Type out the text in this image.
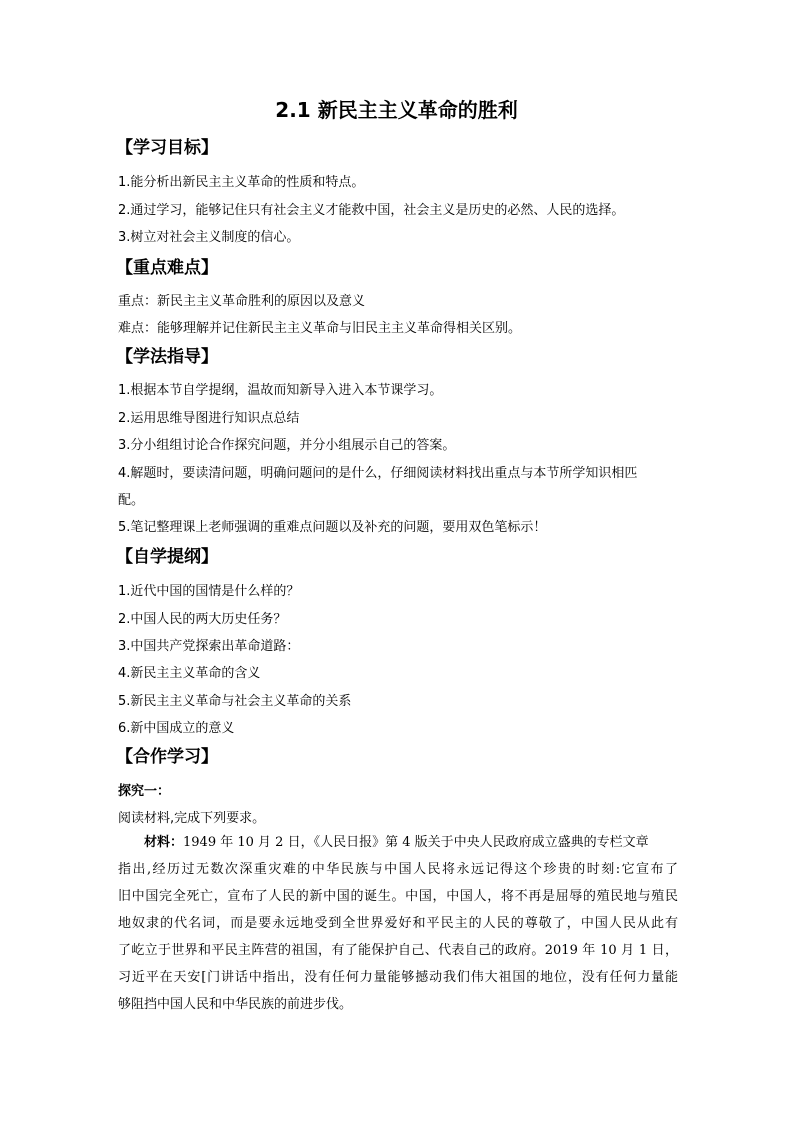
2.1 新民主主义革命的胜利
【学习目标】
1.能分析出新民主主义革命的性质和特点。
2.通过学习，能够记住只有社会主义才能救中国，社会主义是历史的必然、人民的选择。
3.树立对社会主义制度的信心。
【重点难点】
重点：新民主主义革命胜利的原因以及意义
难点：能够理解并记住新民主主义革命与旧民主主义革命得相关区别。
【学法指导】
1.根据本节自学提纲，温故而知新导入进入本节课学习。
2.运用思维导图进行知识点总结
3.分小组组讨论合作探究问题，并分小组展示自己的答案。
4.解题时，要读清问题，明确问题问的是什么，仔细阅读材料找出重点与本节所学知识相匹
配。
5.笔记整理课上老师强调的重难点问题以及补充的问题，要用双色笔标示！
【自学提纲】
1.近代中国的国情是什么样的？
2.中国人民的两大历史任务？
3.中国共产党探索出革命道路：
4.新民主主义革命的含义
5.新民主主义革命与社会主义革命的关系
6.新中国成立的意义
【合作学习】
探究一：
阅读材料,完成下列要求。
材料：1949 年 10 月 2 日，《人民日报》第 4 版关于中央人民政府成立盛典的专栏文章
指出,经历过无数次深重灾难的中华民族与中国人民将永远记得这个珍贵的时刻:它宣布了
旧中国完全死亡，宣布了人民的新中国的诞生。中国，中国人，将不再是屈辱的殖民地与殖民
地奴隶的代名词，而是要永远地受到全世界爱好和平民主的人民的尊敬了，中国人民从此有
了屹立于世界和平民主阵营的祖国，有了能保护自己、代表自己的政府。2019 年 10 月 1 日，
习近平在天安[门讲话中指出，没有任何力量能够撼动我们伟大祖国的地位，没有任何力量能
够阻挡中国人民和中华民族的前进步伐。
